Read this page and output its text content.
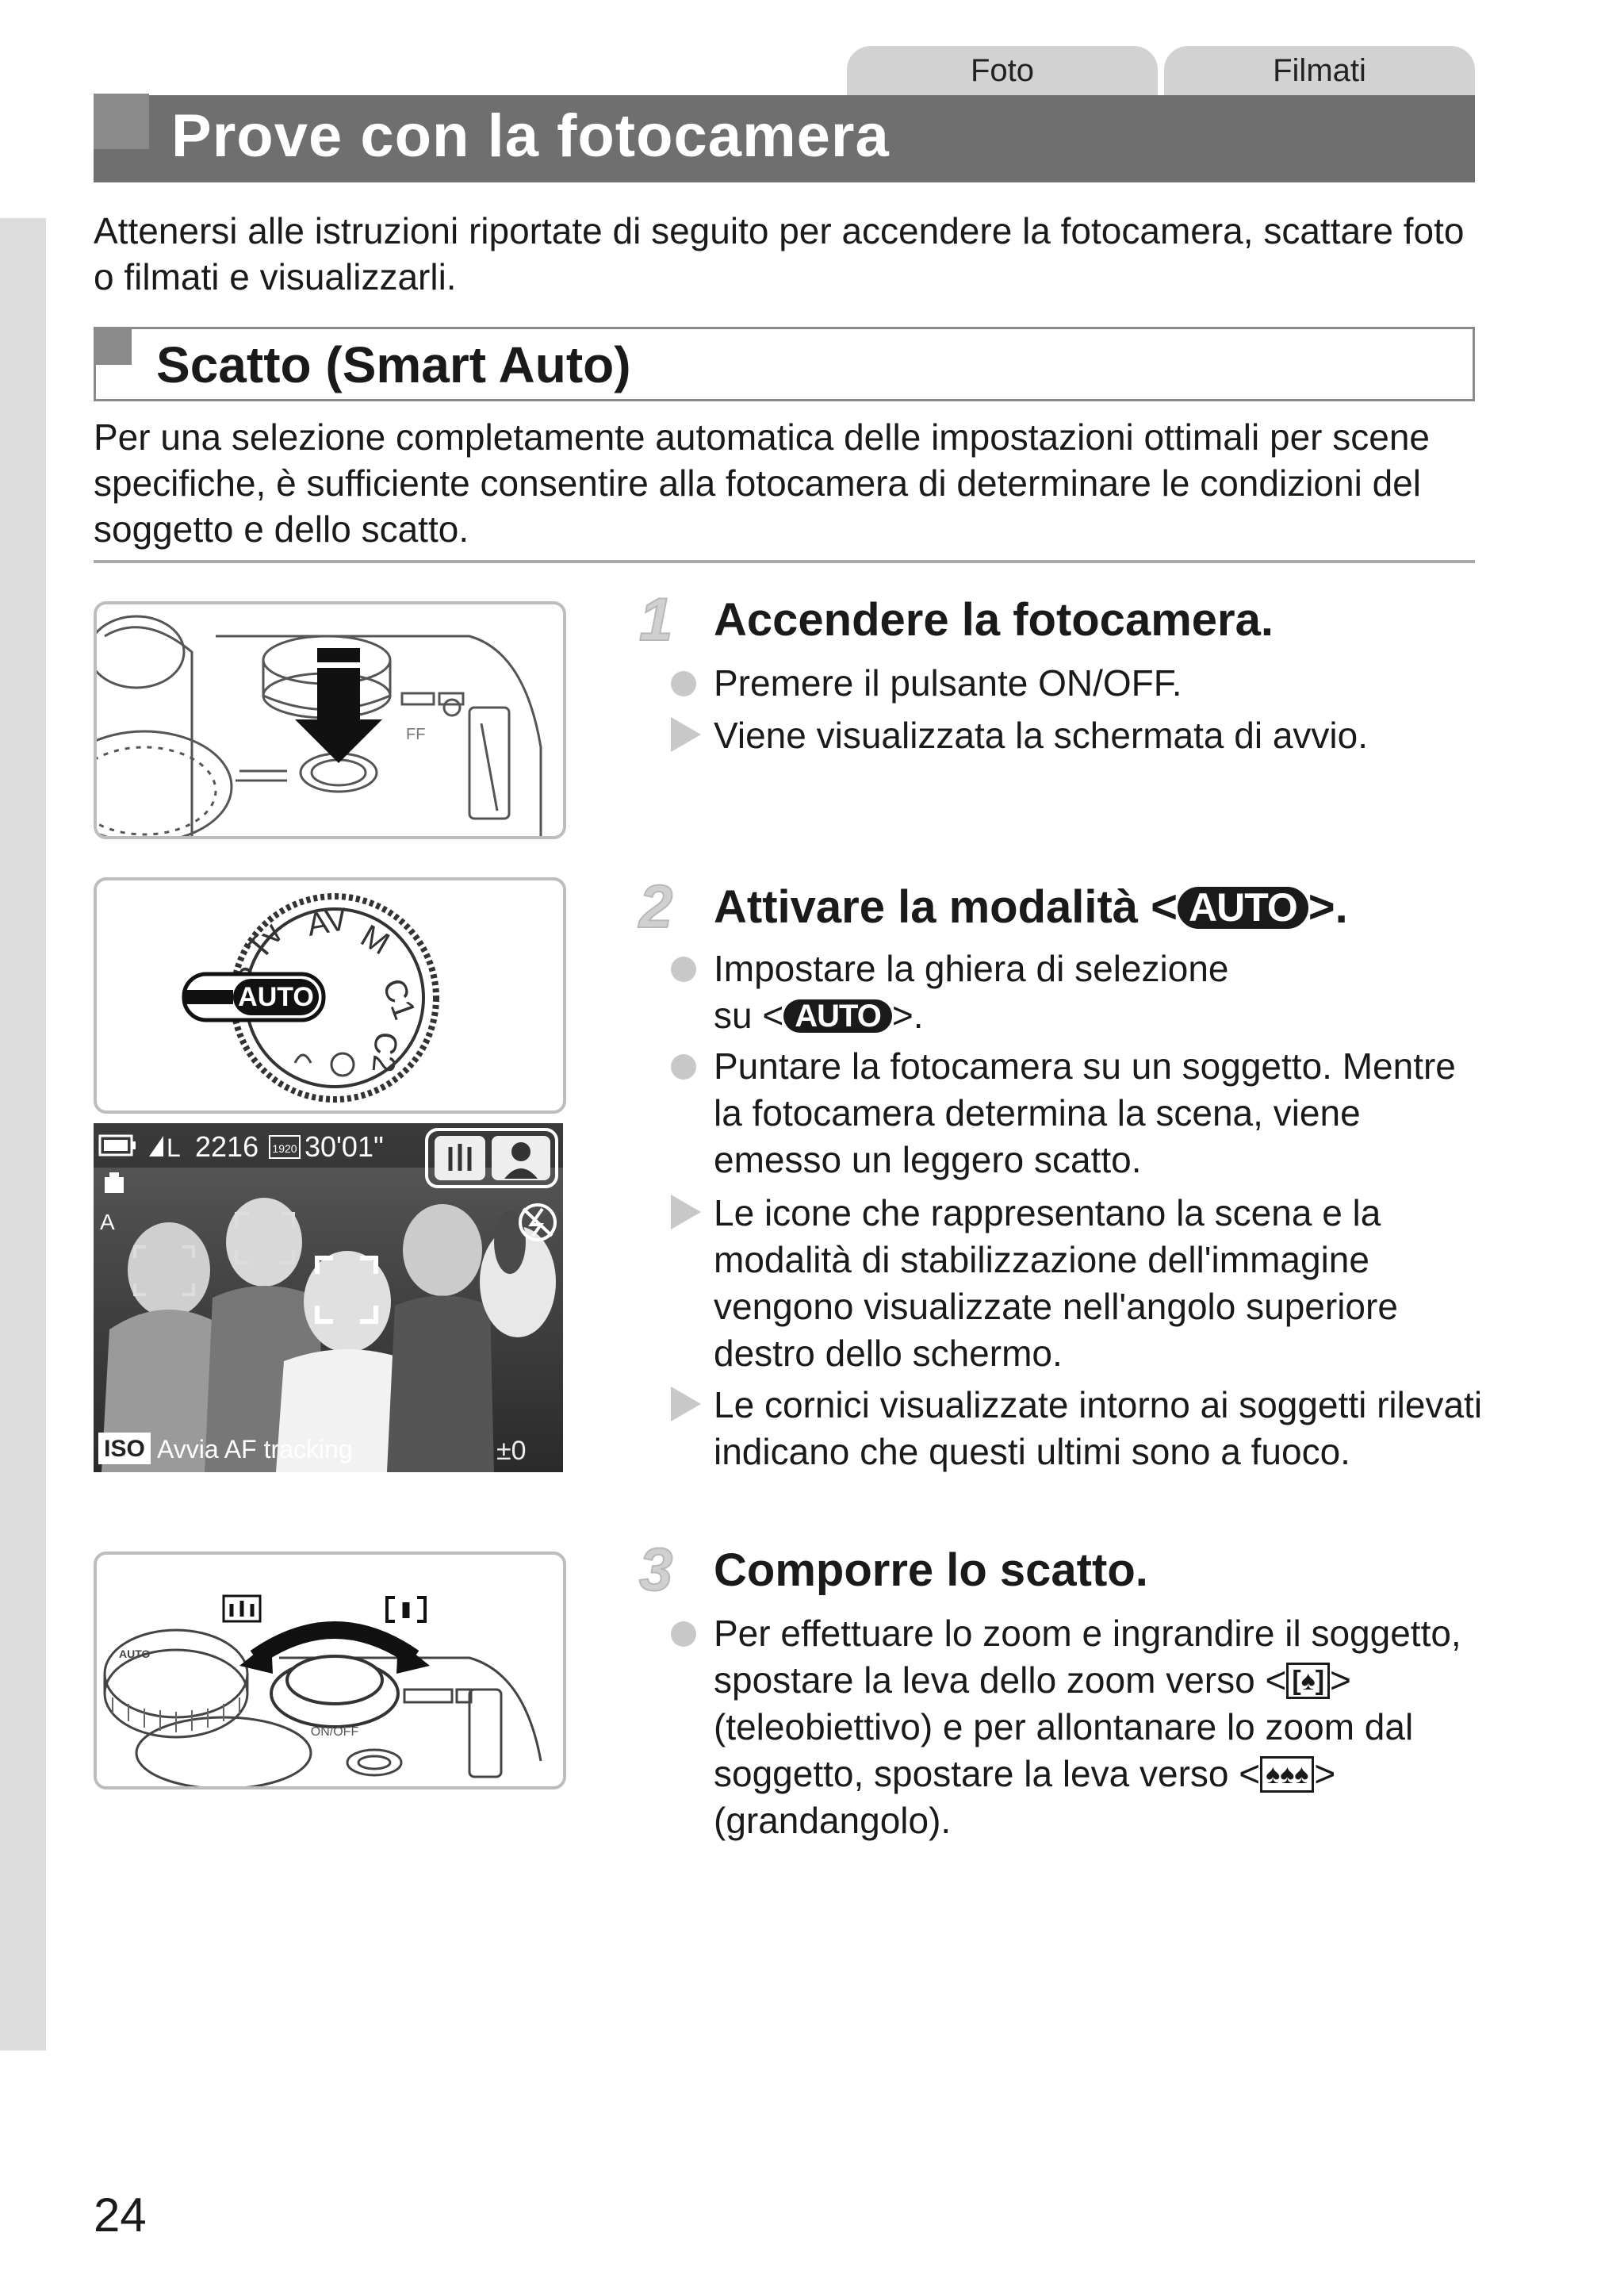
Foto	Filmati
Prove con la fotocamera
Attenersi alle istruzioni riportate di seguito per accendere la fotocamera, scattare foto o filmati e visualizzarli.
Scatto (Smart Auto)
Per una selezione completamente automatica delle impostazioni ottimali per scene specifiche, è sufficiente consentire alla fotocamera di determinare le condizioni del soggetto e dello scatto.
FF
1 Accendere la fotocamera.
Premere il pulsante ON/OFF.
Viene visualizzata la schermata di avvio.
AV M
C1
C2
Tv
AUTO
L 2216 1920 30'01"
A
ISO Avvia AF tracking	±0
2 Attivare la modalità < AUTO >.
Impostare la ghiera di selezione
su < AUTO >.
Puntare la fotocamera su un soggetto. Mentre la fotocamera determina la scena, viene emesso un leggero scatto.
Le icone che rappresentano la scena e la modalità di stabilizzazione dell'immagine vengono visualizzate nell'angolo superiore destro dello schermo.
Le cornici visualizzate intorno ai soggetti rilevati indicano che questi ultimi sono a fuoco.
AUTO
ON/OFF
3 Comporre lo scatto.
Per effettuare lo zoom e ingrandire il soggetto, spostare la leva dello zoom verso < [♠] > (teleobiettivo) e per allontanare lo zoom dal soggetto, spostare la leva verso < ♠♠♠ > (grandangolo).
24
